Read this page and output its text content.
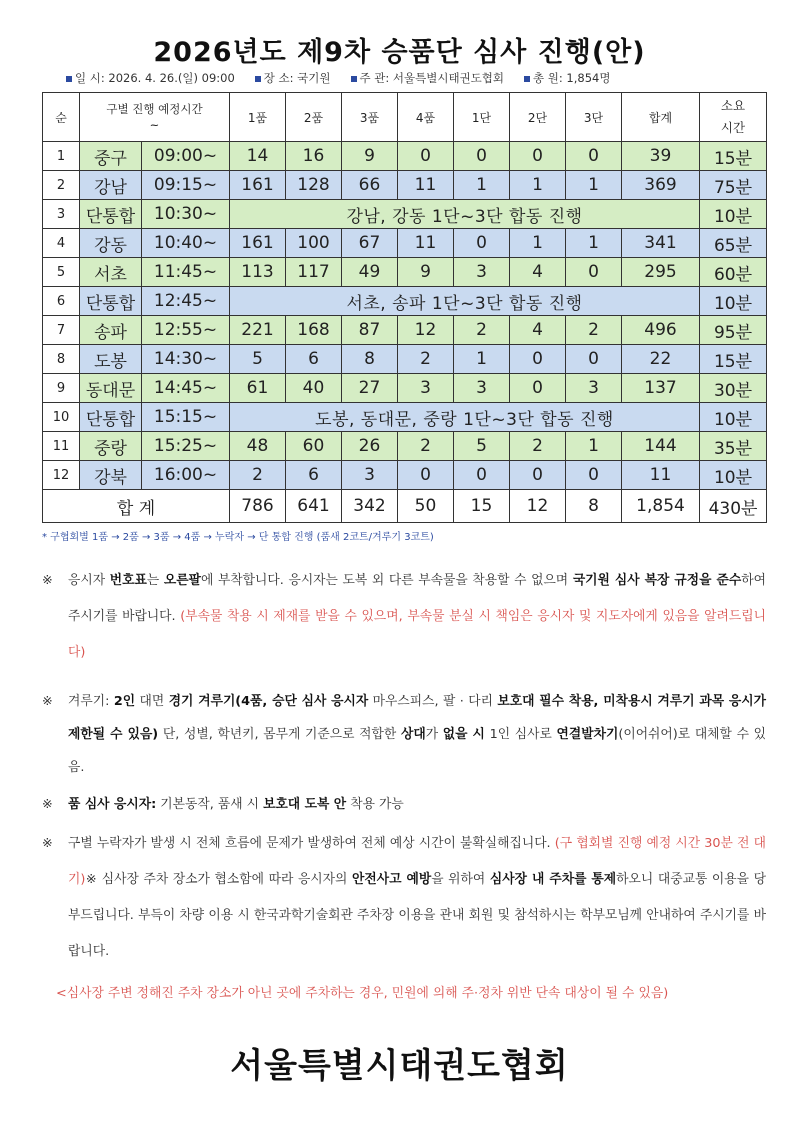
2026년도 제9차 승품단 심사 진행(안)
일 시: 2026. 4. 26.(일) 09:00	장 소: 국기원	주 관: 서울특별시태권도협회	총 원: 1,854명
순	구별 진행 예정시간
~		1품	2품	3품	4품	1단	2단	3단	합계	소요
시간

1	중구	09:00~	14	16	9	0	0	0	0	39	15분
2	강남	09:15~	161	128	66	11	1	1	1	369	75분
3	단통합	10:30~	강남, 강동 1단~3단 합동 진행								10분
4	강동	10:40~	161	100	67	11	0	1	1	341	65분
5	서초	11:45~	113	117	49	9	3	4	0	295	60분
6	단통합	12:45~	서초, 송파 1단~3단 합동 진행								10분
7	송파	12:55~	221	168	87	12	2	4	2	496	95분
8	도봉	14:30~	5	6	8	2	1	0	0	22	15분
9	동대문	14:45~	61	40	27	3	3	0	3	137	30분
10	단통합	15:15~	도봉, 동대문, 중랑 1단~3단 합동 진행								10분
11	중랑	15:25~	48	60	26	2	5	2	1	144	35분
12	강북	16:00~	2	6	3	0	0	0	0	11	10분
합 계			786	641	342	50	15	12	8	1,854	430분
* 구협회별 1품 → 2품 → 3품 → 4품 → 누락자 → 단 통합 진행 (품새 2코트/겨루기 3코트)
※ 응시자 번호표는 오른팔에 부착합니다. 응시자는 도복 외 다른 부속물을 착용할 수 없으며 국기원 심사 복장 규정을 준수하여 주시기를 바랍니다. (부속물 착용 시 제재를 받을 수 있으며, 부속물 분실 시 책임은 응시자 및 지도자에게 있음을 알려드립니다)

※ 겨루기: 2인 대면 경기 겨루기(4품, 승단 심사 응시자 마우스피스, 팔 · 다리 보호대 필수 착용, 미착용시 겨루기 과목 응시가 제한될 수 있음) 단, 성별, 학년키, 몸무게 기준으로 적합한 상대가 없을 시 1인 심사로 연결발차기(이어쉬어)로 대체할 수 있음.

※ 품 심사 응시자: 기본동작, 품새 시 보호대 도복 안 착용 가능

※ 구별 누락자가 발생 시 전체 흐름에 문제가 발생하여 전체 예상 시간이 불확실해집니다. (구 협회별 진행 예정 시간 30분 전 대기)※ 심사장 주차 장소가 협소함에 따라 응시자의 안전사고 예방을 위하여 심사장 내 주차를 통제하오니 대중교통 이용을 당부드립니다. 부득이 차량 이용 시 한국과학기술회관 주차장 이용을 관내 회원 및 참석하시는 학부모님께 안내하여 주시기를 바랍니다.

<심사장 주변 정해진 주차 장소가 아닌 곳에 주차하는 경우, 민원에 의해 주·정차 위반 단속 대상이 될 수 있음)

서울특별시태권도협회
